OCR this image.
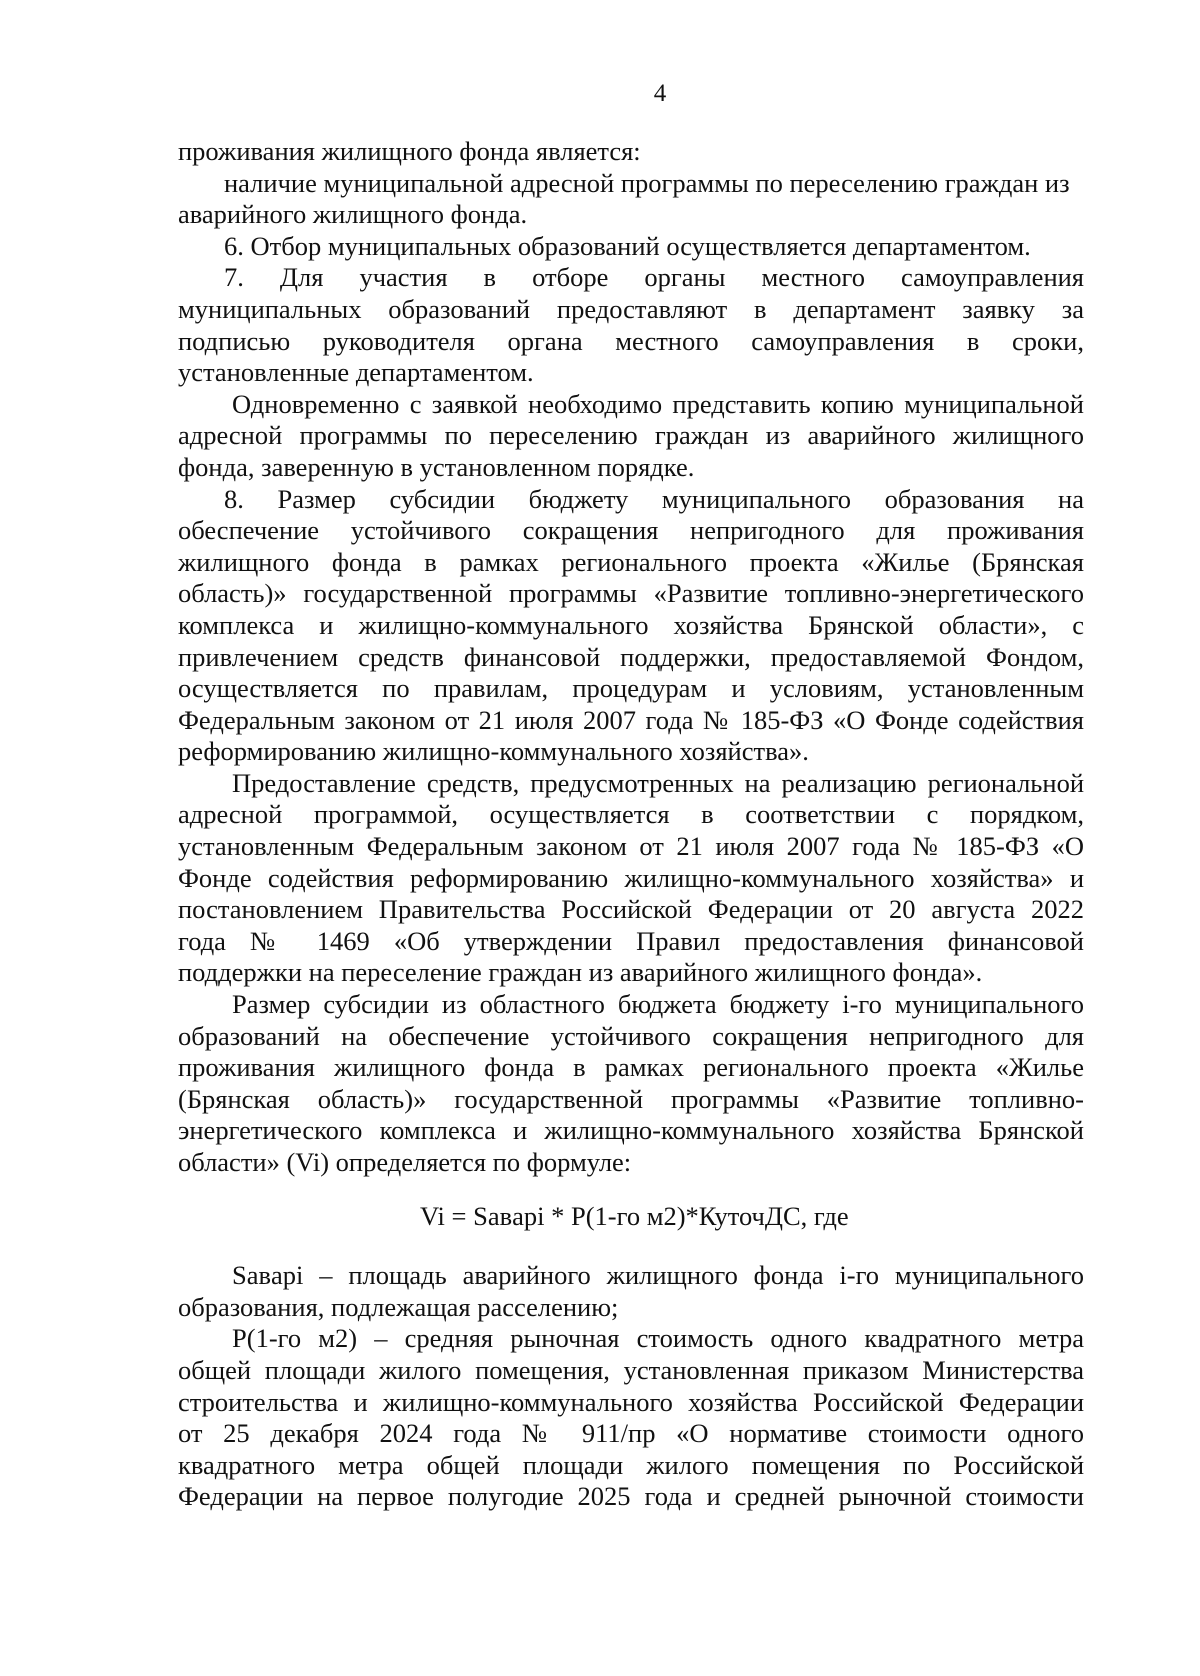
4
проживания жилищного фонда является:
наличие муниципальной адресной программы по переселению граждан из
аварийного жилищного фонда.
6. Отбор муниципальных образований осуществляется департаментом.
7. Для участия в отборе органы местного самоуправления
муниципальных образований предоставляют в департамент заявку за
подписью руководителя органа местного самоуправления в сроки,
установленные департаментом.
Одновременно с заявкой необходимо представить копию муниципальной
адресной программы по переселению граждан из аварийного жилищного
фонда, заверенную в установленном порядке.
8. Размер субсидии бюджету муниципального образования на
обеспечение устойчивого сокращения непригодного для проживания
жилищного фонда в рамках регионального проекта «Жилье (Брянская
область)» государственной программы «Развитие топливно-энергетического
комплекса и жилищно-коммунального хозяйства Брянской области», с
привлечением средств финансовой поддержки, предоставляемой Фондом,
осуществляется по правилам, процедурам и условиям, установленным
Федеральным законом от 21 июля 2007 года № 185-ФЗ «О Фонде содействия
реформированию жилищно-коммунального хозяйства».
Предоставление средств, предусмотренных на реализацию региональной
адресной программой, осуществляется в соответствии с порядком,
установленным Федеральным законом от 21 июля 2007 года № 185-ФЗ «О
Фонде содействия реформированию жилищно-коммунального хозяйства» и
постановлением Правительства Российской Федерации от 20 августа 2022
года № 1469 «Об утверждении Правил предоставления финансовой
поддержки на переселение граждан из аварийного жилищного фонда».
Размер субсидии из областного бюджета бюджету i-го муниципального
образований на обеспечение устойчивого сокращения непригодного для
проживания жилищного фонда в рамках регионального проекта «Жилье
(Брянская область)» государственной программы «Развитие топливно-
энергетического комплекса и жилищно-коммунального хозяйства Брянской
области» (Vi) определяется по формуле:
Vi = Saвapi * P(1-го м2)*КуточДС, где
Saвapi – площадь аварийного жилищного фонда i-го муниципального
образования, подлежащая расселению;
P(1-го м2) – средняя рыночная стоимость одного квадратного метра
общей площади жилого помещения, установленная приказом Министерства
строительства и жилищно-коммунального хозяйства Российской Федерации
от 25 декабря 2024 года № 911/пр «О нормативе стоимости одного
квадратного метра общей площади жилого помещения по Российской
Федерации на первое полугодие 2025 года и средней рыночной стоимости
